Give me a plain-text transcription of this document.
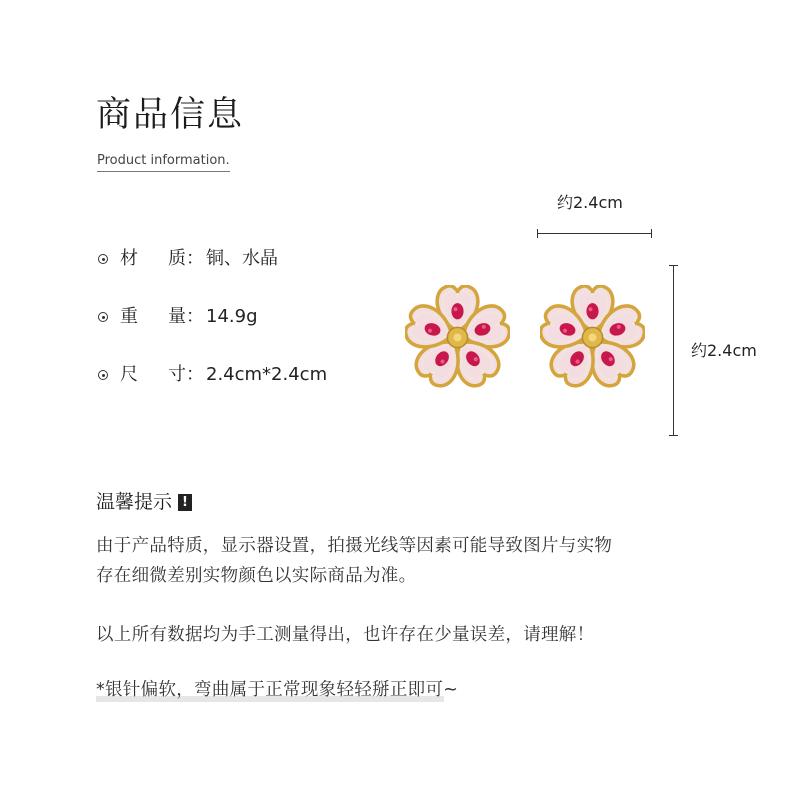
商品信息
Product information.
材	质 ： 铜、水晶
重	量 ： 14.9g
尺	寸 ： 2.4cm*2.4cm
约2.4cm
约2.4cm
温馨提示 !
由于产品特质，显示器设置，拍摄光线等因素可能导致图片与实物
存在细微差别实物颜色以实际商品为准。
以上所有数据均为手工测量得出，也许存在少量误差，请理解！
*银针偏软，弯曲属于正常现象轻轻掰正即可~
